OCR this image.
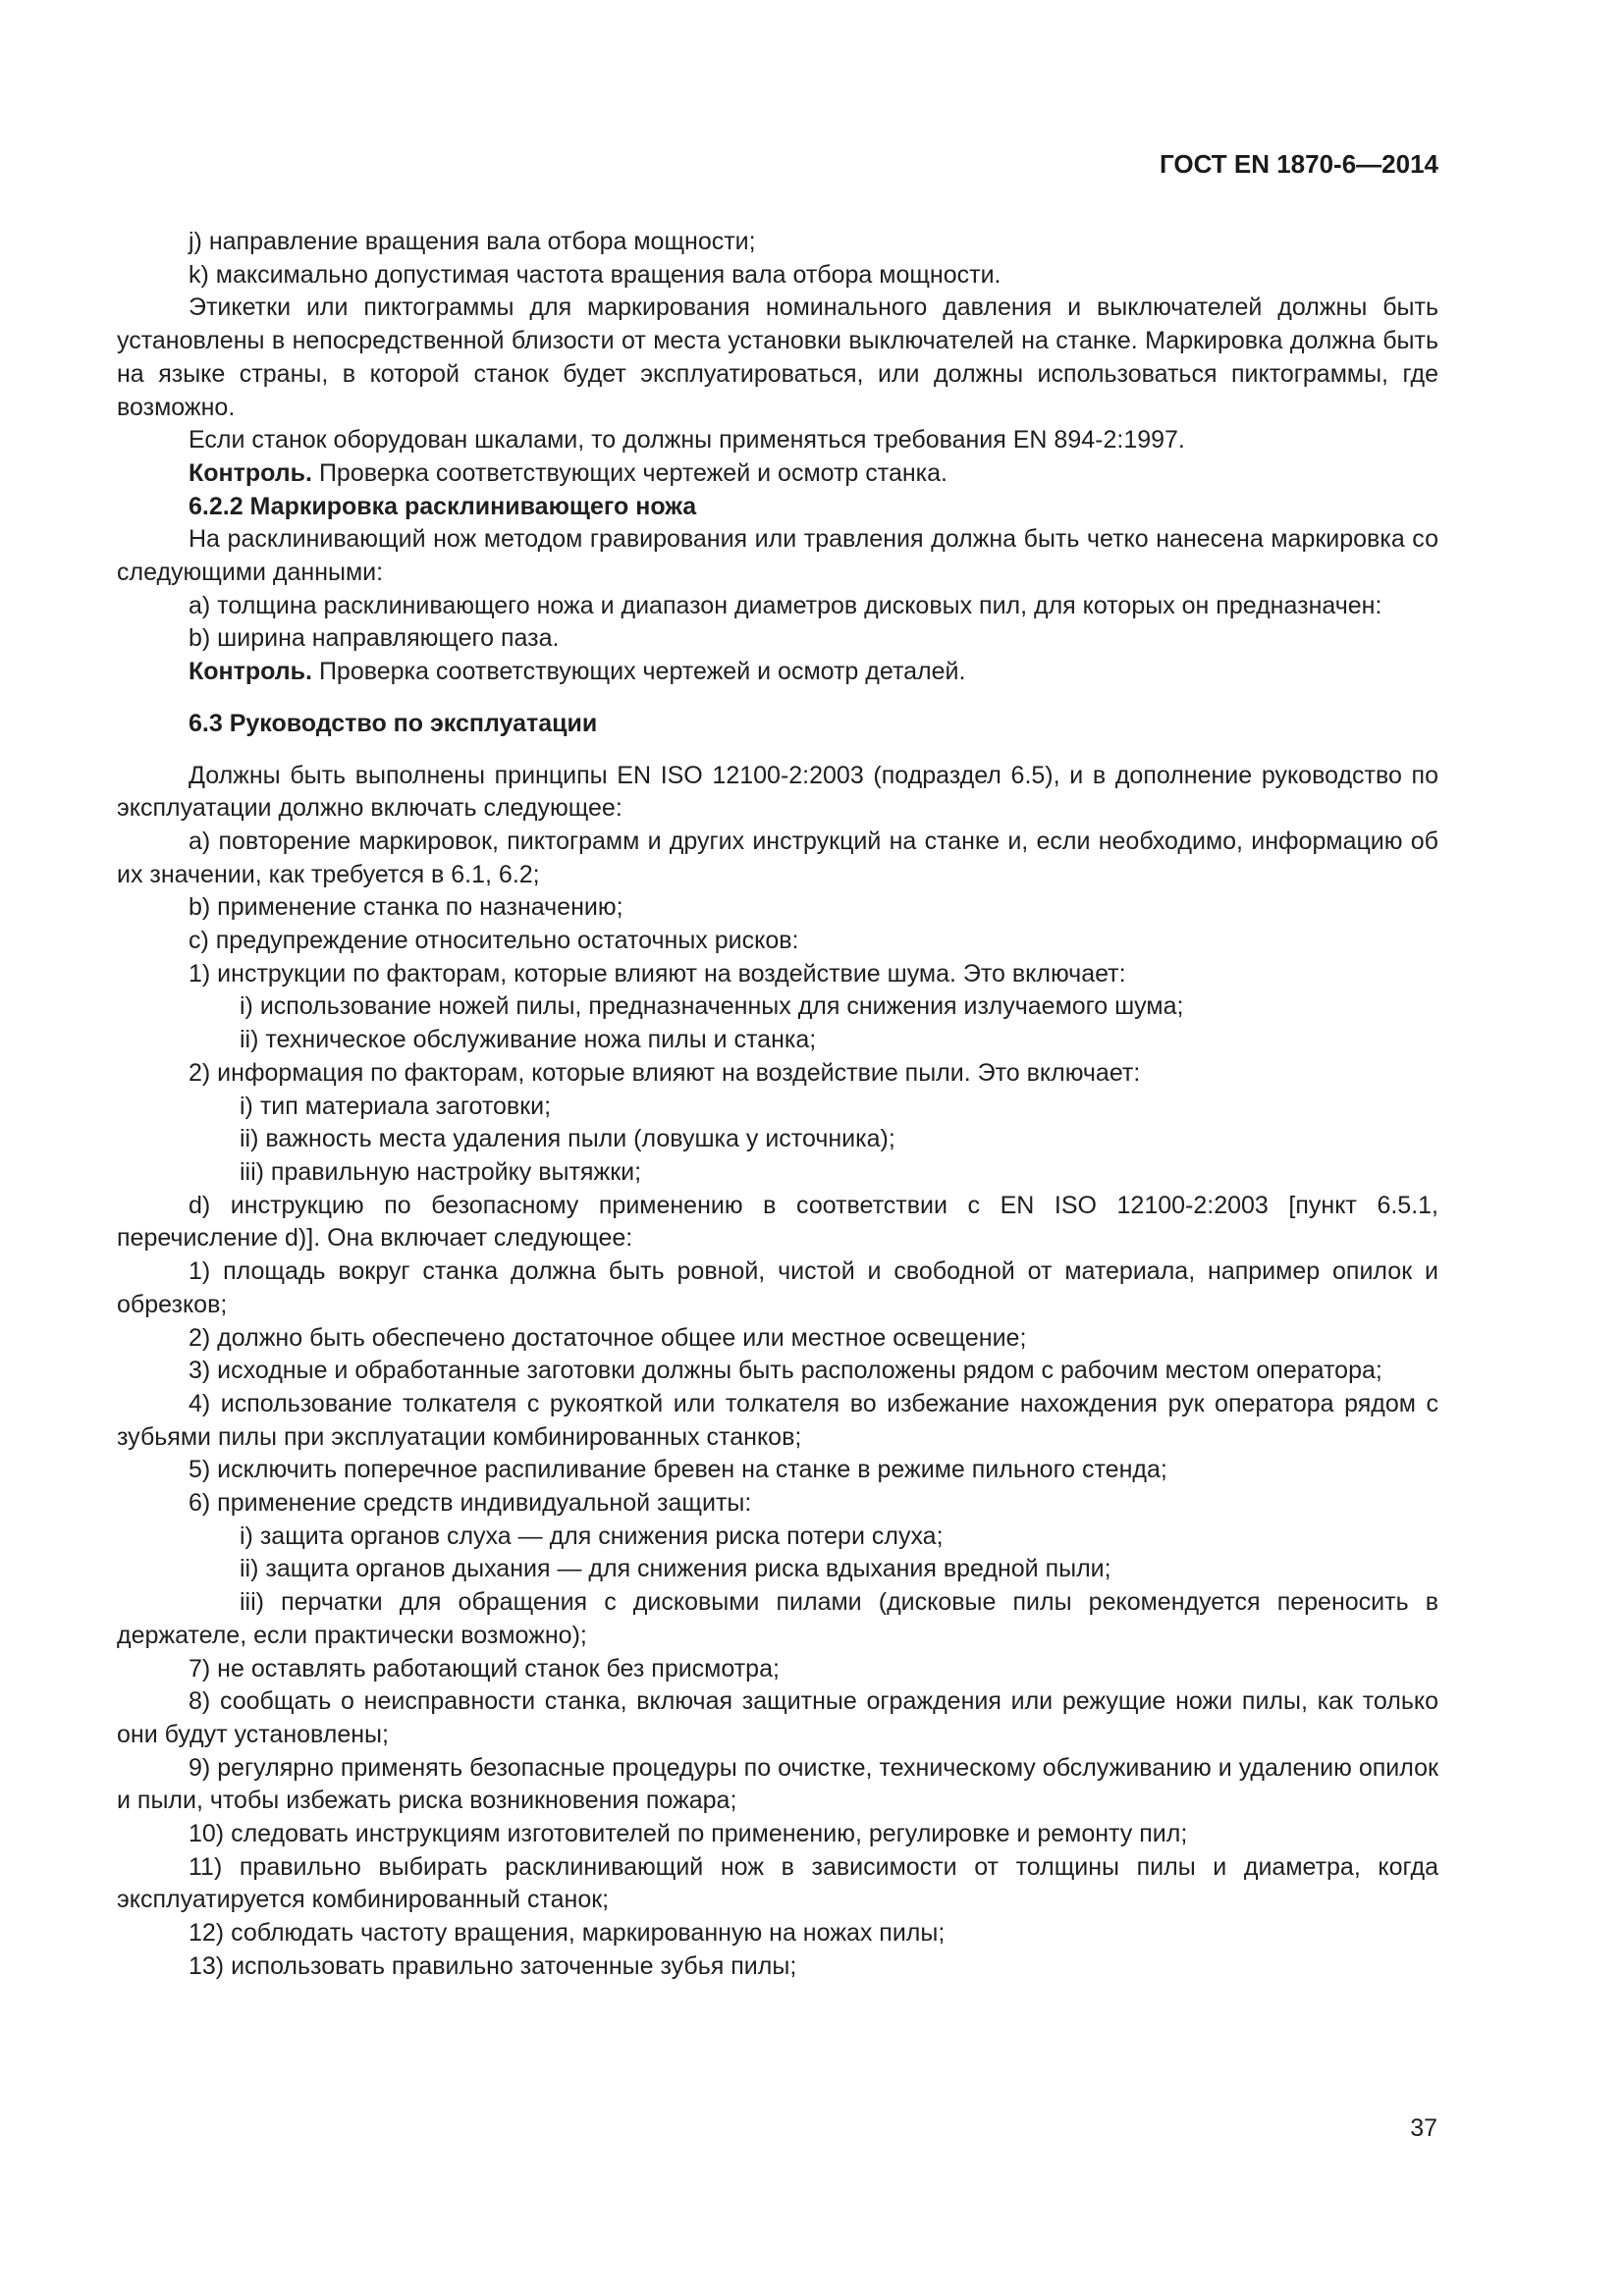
ГОСТ EN 1870-6—2014

j) направление вращения вала отбора мощности;

k) максимально допустимая частота вращения вала отбора мощности.

Этикетки или пиктограммы для маркирования номинального давления и выключателей должны быть установлены в непосредственной близости от места установки выключателей на станке. Маркировка должна быть на языке страны, в которой станок будет эксплуатироваться, или должны использоваться пиктограммы, где возможно.

Если станок оборудован шкалами, то должны применяться требования EN 894-2:1997.

Контроль. Проверка соответствующих чертежей и осмотр станка.

6.2.2 Маркировка расклинивающего ножа

На расклинивающий нож методом гравирования или травления должна быть четко нанесена маркировка со следующими данными:

a) толщина расклинивающего ножа и диапазон диаметров дисковых пил, для которых он предназначен:

b) ширина направляющего паза.

Контроль. Проверка соответствующих чертежей и осмотр деталей.

6.3 Руководство по эксплуатации

Должны быть выполнены принципы EN ISO 12100-2:2003 (подраздел 6.5), и в дополнение руководство по эксплуатации должно включать следующее:

a) повторение маркировок, пиктограмм и других инструкций на станке и, если необходимо, информацию об их значении, как требуется в 6.1, 6.2;

b) применение станка по назначению;

c) предупреждение относительно остаточных рисков:

1) инструкции по факторам, которые влияют на воздействие шума. Это включает:

i) использование ножей пилы, предназначенных для снижения излучаемого шума;

ii) техническое обслуживание ножа пилы и станка;

2) информация по факторам, которые влияют на воздействие пыли. Это включает:

i) тип материала заготовки;

ii) важность места удаления пыли (ловушка у источника);

iii) правильную настройку вытяжки;

d) инструкцию по безопасному применению в соответствии с EN ISO 12100-2:2003 [пункт 6.5.1, перечисление d)]. Она включает следующее:

1) площадь вокруг станка должна быть ровной, чистой и свободной от материала, например опилок и обрезков;

2) должно быть обеспечено достаточное общее или местное освещение;

3) исходные и обработанные заготовки должны быть расположены рядом с рабочим местом оператора;

4) использование толкателя с рукояткой или толкателя во избежание нахождения рук оператора рядом с зубьями пилы при эксплуатации комбинированных станков;

5) исключить поперечное распиливание бревен на станке в режиме пильного стенда;

6) применение средств индивидуальной защиты:

i) защита органов слуха — для снижения риска потери слуха;

ii) защита органов дыхания — для снижения риска вдыхания вредной пыли;

iii) перчатки для обращения с дисковыми пилами (дисковые пилы рекомендуется переносить в держателе, если практически возможно);

7) не оставлять работающий станок без присмотра;

8) сообщать о неисправности станка, включая защитные ограждения или режущие ножи пилы, как только они будут установлены;

9) регулярно применять безопасные процедуры по очистке, техническому обслуживанию и удалению опилок и пыли, чтобы избежать риска возникновения пожара;

10) следовать инструкциям изготовителей по применению, регулировке и ремонту пил;

11) правильно выбирать расклинивающий нож в зависимости от толщины пилы и диаметра, когда эксплуатируется комбинированный станок;

12) соблюдать частоту вращения, маркированную на ножах пилы;

13) использовать правильно заточенные зубья пилы;

37
